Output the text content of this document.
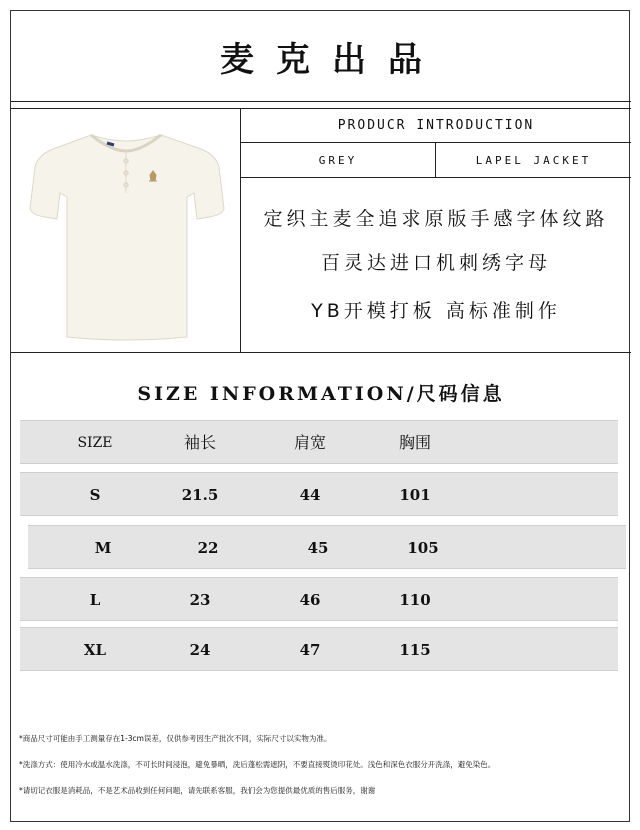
麦克出品
PRODUCR INTRODUCTION
GREY	LAPEL JACKET
定织主麦全追求原版手感字体纹路
百灵达进口机刺绣字母
YB开模打板 高标准制作
SIZE INFORMATION/尺码信息
SIZE	袖长	肩宽	胸围
S	21.5	44	101
M	22	45	105
L	23	46	110
XL	24	47	115
*商品尺寸可能由手工测量存在1-3cm误差，仅供参考因生产批次不同，实际尺寸以实物为准。
*洗涤方式：使用冷水或温水洗涤，不可长时间浸泡，避免暴晒，洗后蓬松需遮阴，不要直接熨烫印花处。浅色和深色衣服分开洗涤，避免染色。
*请切记衣服是消耗品，不是艺术品收到任何问题，请先联系客服，我们会为您提供最优质的售后服务，谢谢
